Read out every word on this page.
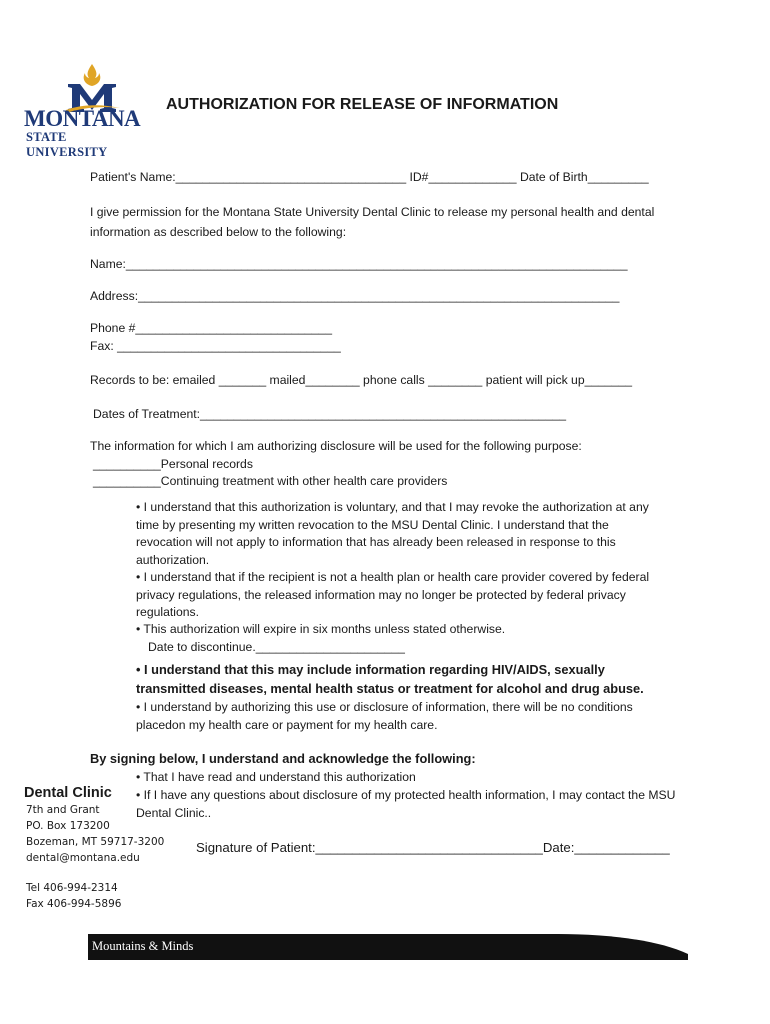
MONTANA
STATE UNIVERSITY
AUTHORIZATION FOR RELEASE OF INFORMATION
Patient's Name:__________________________________ ID#_____________ Date of Birth_________
I give permission for the Montana State University Dental Clinic to release my personal health and dental information as described below to the following:
Name:__________________________________________________________________________
Address:_______________________________________________________________________
Phone #_____________________________
Fax: _________________________________
Records to be: emailed _______ mailed________ phone calls ________ patient will pick up_______
Dates of Treatment:______________________________________________________
The information for which I am authorizing disclosure will be used for the following purpose:
__________Personal records
__________Continuing treatment with other health care providers
• I understand that this authorization is voluntary, and that I may revoke the authorization at any time by presenting my written revocation to the MSU Dental Clinic. I understand that the revocation will not apply to information that has already been released in response to this authorization.
• I understand that if the recipient is not a health plan or health care provider covered by federal privacy regulations, the released information may no longer be protected by federal privacy regulations.
• This authorization will expire in six months unless stated otherwise.
Date to discontinue.______________________
• I understand that this may include information regarding HIV/AIDS, sexually transmitted diseases, mental health status or treatment for alcohol and drug abuse.
• I understand by authorizing this use or disclosure of information, there will be no conditions placedon my health care or payment for my health care.
By signing below, I understand and acknowledge the following:
• That I have read and understand this authorization
• If I have any questions about disclosure of my protected health information, I may contact the MSU Dental Clinic..
Signature of Patient:_______________________________Date:_____________
Dental Clinic
7th and Grant
PO. Box 173200
Bozeman, MT 59717-3200
dental@montana.edu
Tel 406-994-2314
Fax 406-994-5896
Mountains & Minds
